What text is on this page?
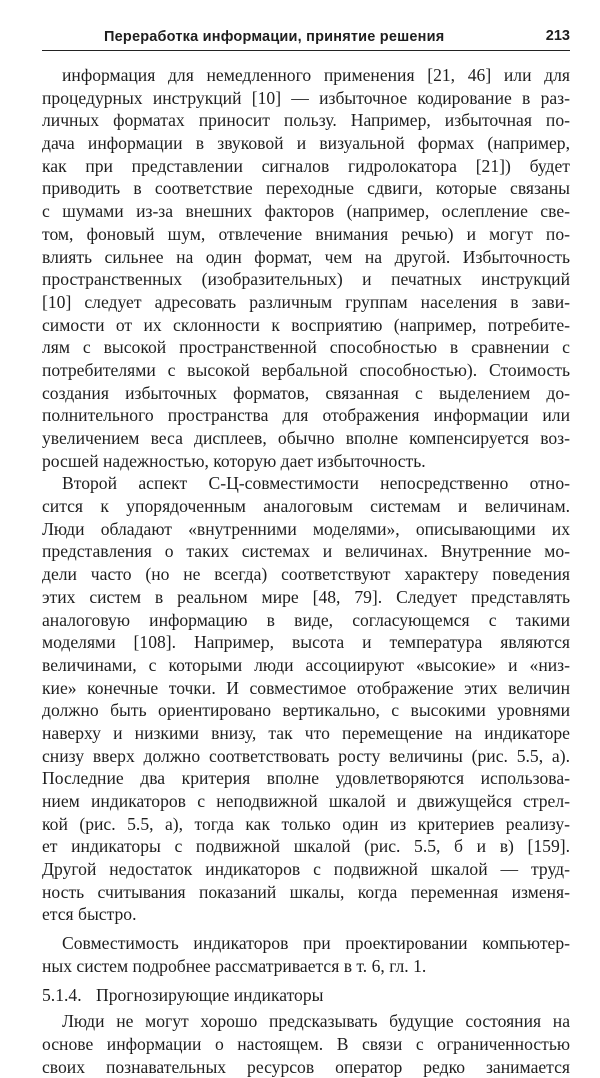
Переработка информации, принятие решения	213
информация для немедленного применения [21, 46] или для
процедурных инструкций [10] — избыточное кодирование в раз-
личных форматах приносит пользу. Например, избыточная по-
дача информации в звуковой и визуальной формах (например,
как при представлении сигналов гидролокатора [21]) будет
приводить в соответствие переходные сдвиги, которые связаны
с шумами из-за внешних факторов (например, ослепление све-
том, фоновый шум, отвлечение внимания речью) и могут по-
влиять сильнее на один формат, чем на другой. Избыточность
пространственных (изобразительных) и печатных инструкций
[10] следует адресовать различным группам населения в зави-
симости от их склонности к восприятию (например, потребите-
лям с высокой пространственной способностью в сравнении с
потребителями с высокой вербальной способностью). Стоимость
создания избыточных форматов, связанная с выделением до-
полнительного пространства для отображения информации или
увеличением веса дисплеев, обычно вполне компенсируется воз-
росшей надежностью, которую дает избыточность.
Второй аспект С-Ц-совместимости непосредственно отно-
сится к упорядоченным аналоговым системам и величинам.
Люди обладают «внутренними моделями», описывающими их
представления о таких системах и величинах. Внутренние мо-
дели часто (но не всегда) соответствуют характеру поведения
этих систем в реальном мире [48, 79]. Следует представлять
аналоговую информацию в виде, согласующемся с такими
моделями [108]. Например, высота и температура являются
величинами, с которыми люди ассоциируют «высокие» и «низ-
кие» конечные точки. И совместимое отображение этих величин
должно быть ориентировано вертикально, с высокими уровнями
наверху и низкими внизу, так что перемещение на индикаторе
снизу вверх должно соответствовать росту величины (рис. 5.5, а).
Последние два критерия вполне удовлетворяются использова-
нием индикаторов с неподвижной шкалой и движущейся стрел-
кой (рис. 5.5, а), тогда как только один из критериев реализу-
ет индикаторы с подвижной шкалой (рис. 5.5, б и в) [159].
Другой недостаток индикаторов с подвижной шкалой — труд-
ность считывания показаний шкалы, когда переменная изменя-
ется быстро.
Совместимость индикаторов при проектировании компьютер-
ных систем подробнее рассматривается в т. 6, гл. 1.
5.1.4. Прогнозирующие индикаторы
Люди не могут хорошо предсказывать будущие состояния на
основе информации о настоящем. В связи с ограниченностью
своих познавательных ресурсов оператор редко занимается
